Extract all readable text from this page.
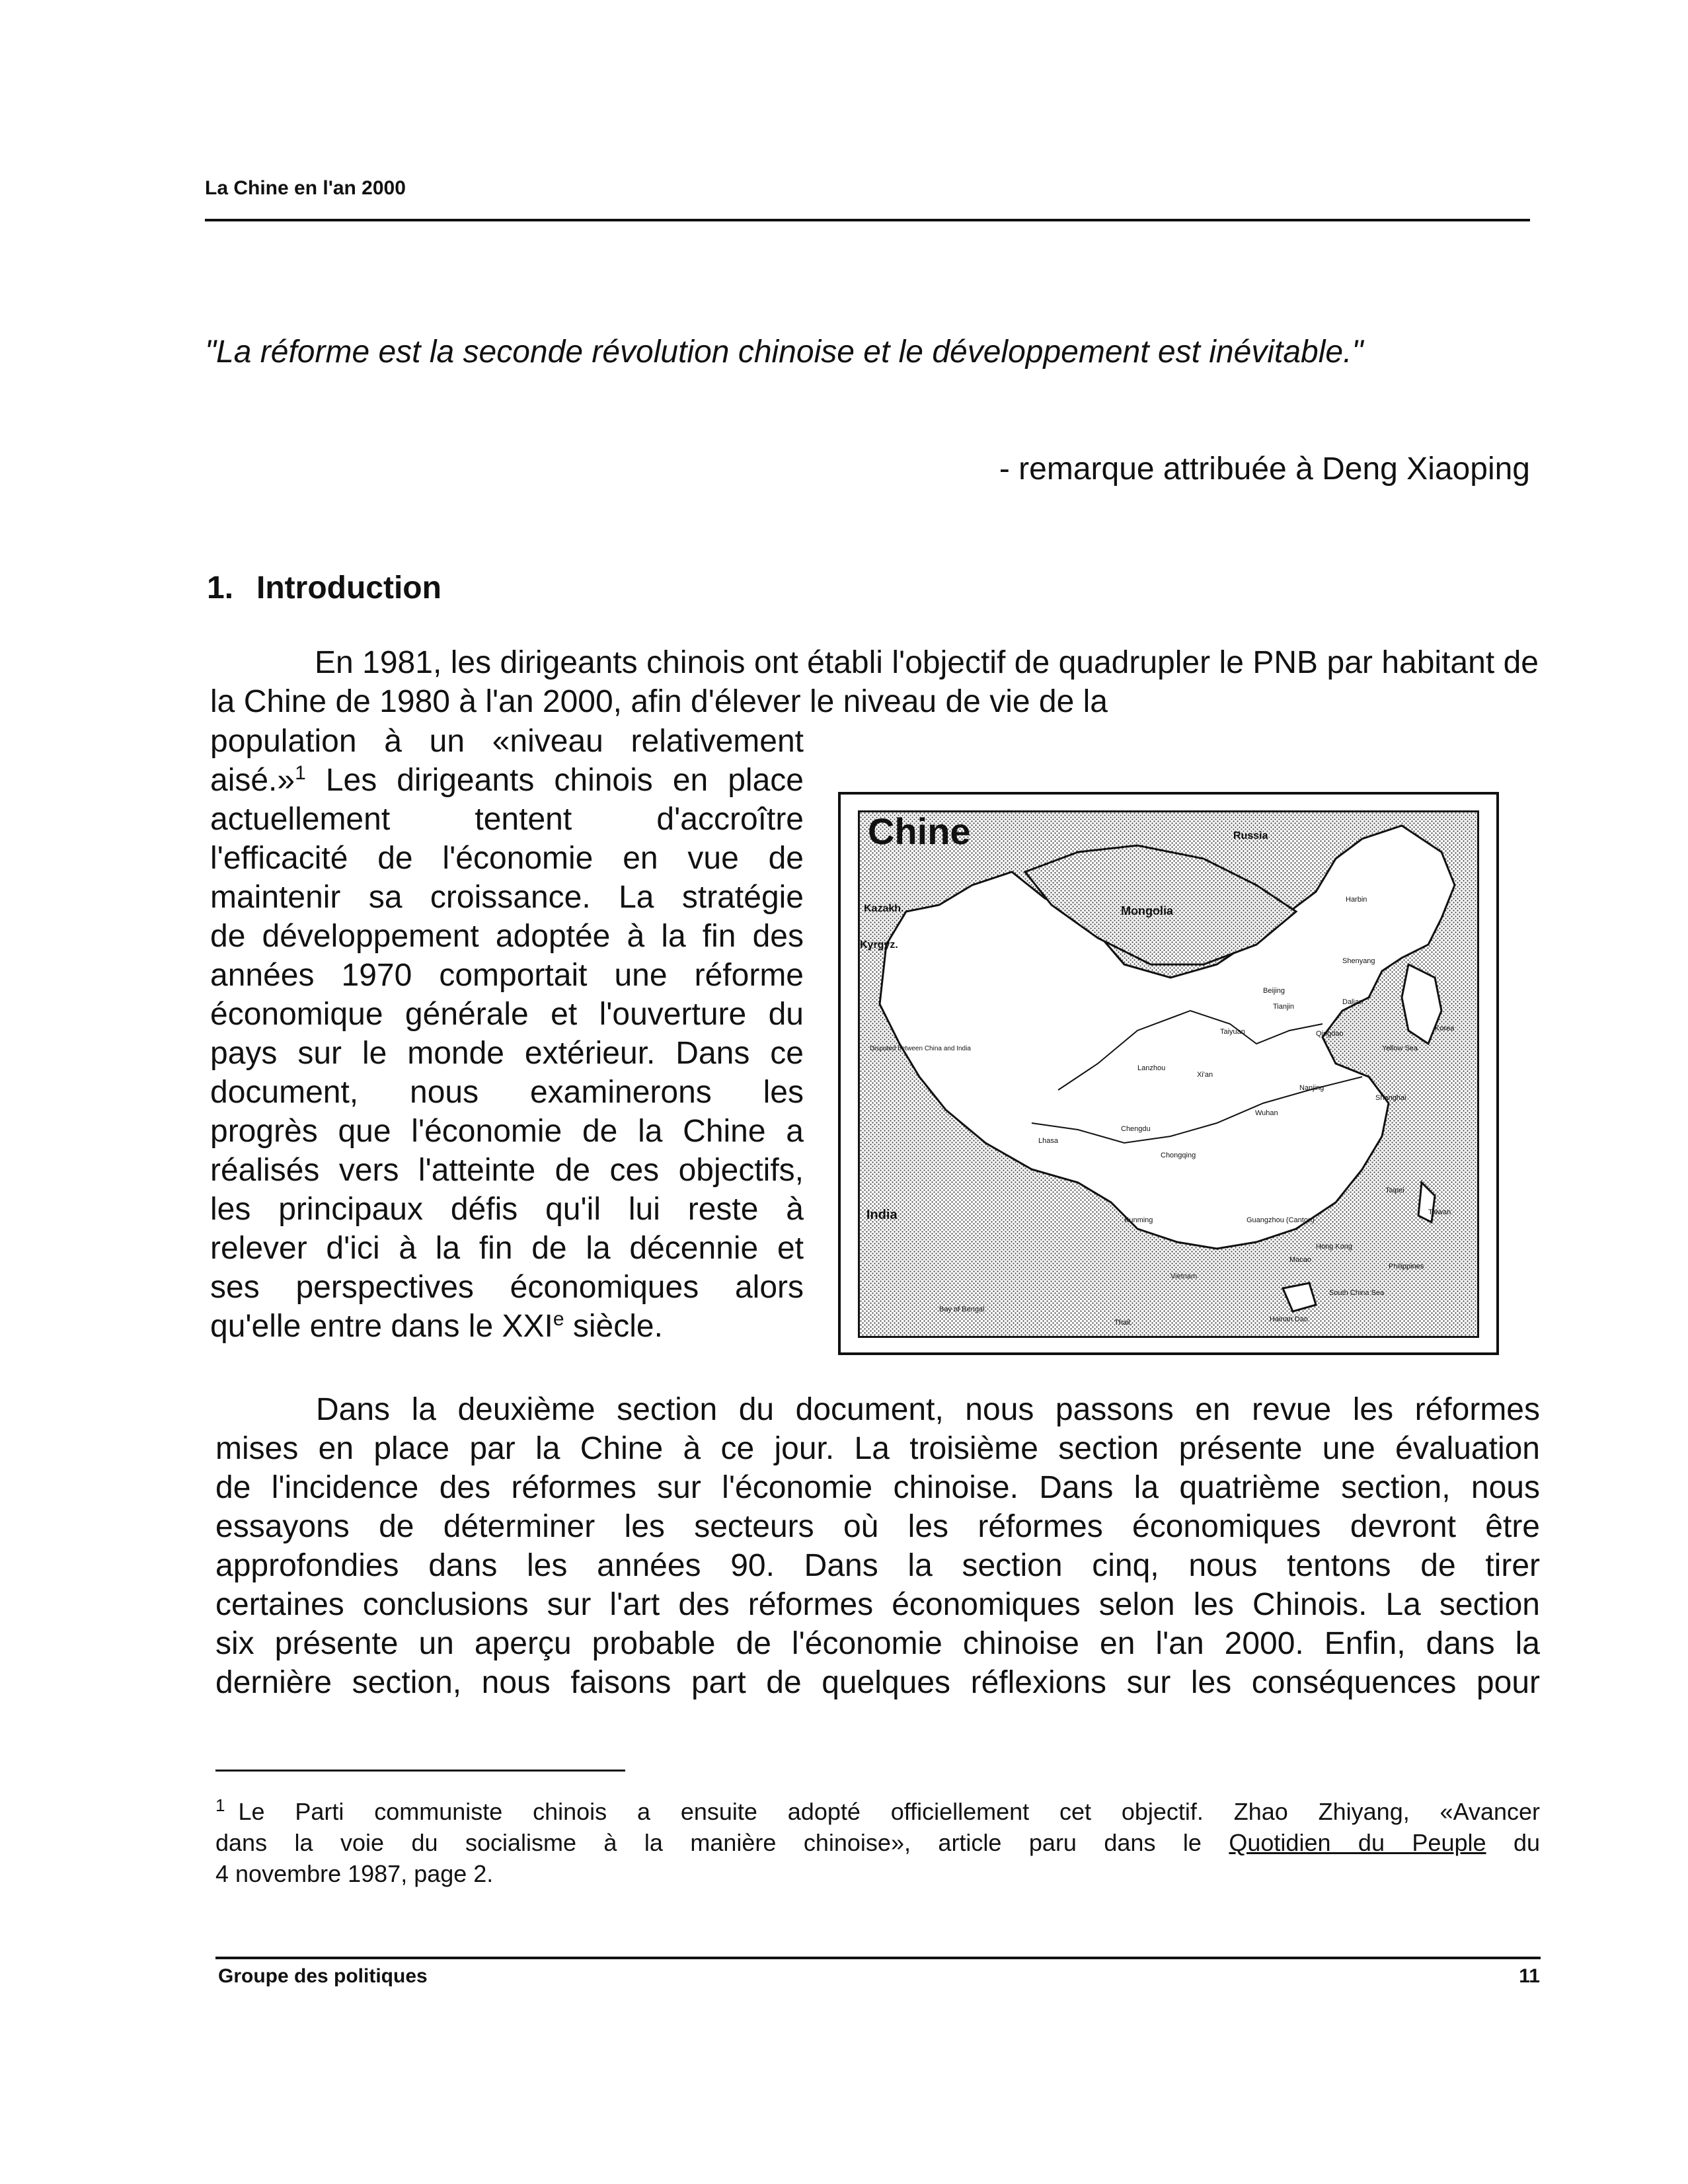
La Chine en l'an 2000
"La réforme est la seconde révolution chinoise et le développement est inévitable."
- remarque attribuée à Deng Xiaoping
1. Introduction

En 1981, les dirigeants chinois ont établi l'objectif de quadrupler le PNB par habitant de la Chine de 1980 à l'an 2000, afin d'élever le niveau de vie de la

population à un «niveau relativement
aisé.»$^1$ Les dirigeants chinois en place
actuellement tentent d'accroître
l'efficacité de l'économie en vue de
maintenir sa croissance. La stratégie
de développement adoptée à la fin des
années 1970 comportait une réforme
économique générale et l'ouverture du
pays sur le monde extérieur. Dans ce
document, nous examinerons les
progrès que l'économie de la Chine a
réalisés vers l'atteinte de ces objectifs,
les principaux défis qu'il lui reste à
relever d'ici à la fin de la décennie et
ses perspectives économiques alors
qu'elle entre dans le XXIe siècle.
Chine	Russia
Mongolia
Kazakh.
Kyrgyz.
Harbin
Shenyang
Beijing
Tianjin
Dalian
Taiyuan	Qingdao
Lanzhou
Xi'an
Nanjing
Shanghai
Wuhan
Chengdu
Chongqing
Lhasa
Kunming	Guangzhou (Canton)
Taipei
Taiwan
Hong Kong
Macao
India
Bay of Bengal
Philippines
South China Sea
Yellow Sea
Korea
Hainan Dao
Disputed between China and India
Vietnam
Thail.
Dans la deuxième section du document, nous passons en revue les réformes
mises en place par la Chine à ce jour. La troisième section présente une évaluation
de l'incidence des réformes sur l'économie chinoise. Dans la quatrième section, nous
essayons de déterminer les secteurs où les réformes économiques devront être
approfondies dans les années 90. Dans la section cinq, nous tentons de tirer
certaines conclusions sur l'art des réformes économiques selon les Chinois. La section
six présente un aperçu probable de l'économie chinoise en l'an 2000. Enfin, dans la
dernière section, nous faisons part de quelques réflexions sur les conséquences pour
$^1$ Le Parti communiste chinois a ensuite adopté officiellement cet objectif. Zhao Zhiyang, «Avancer
dans la voie du socialisme à la manière chinoise», article paru dans le Quotidien du Peuple du
4 novembre 1987, page 2.
Groupe des politiques	11
